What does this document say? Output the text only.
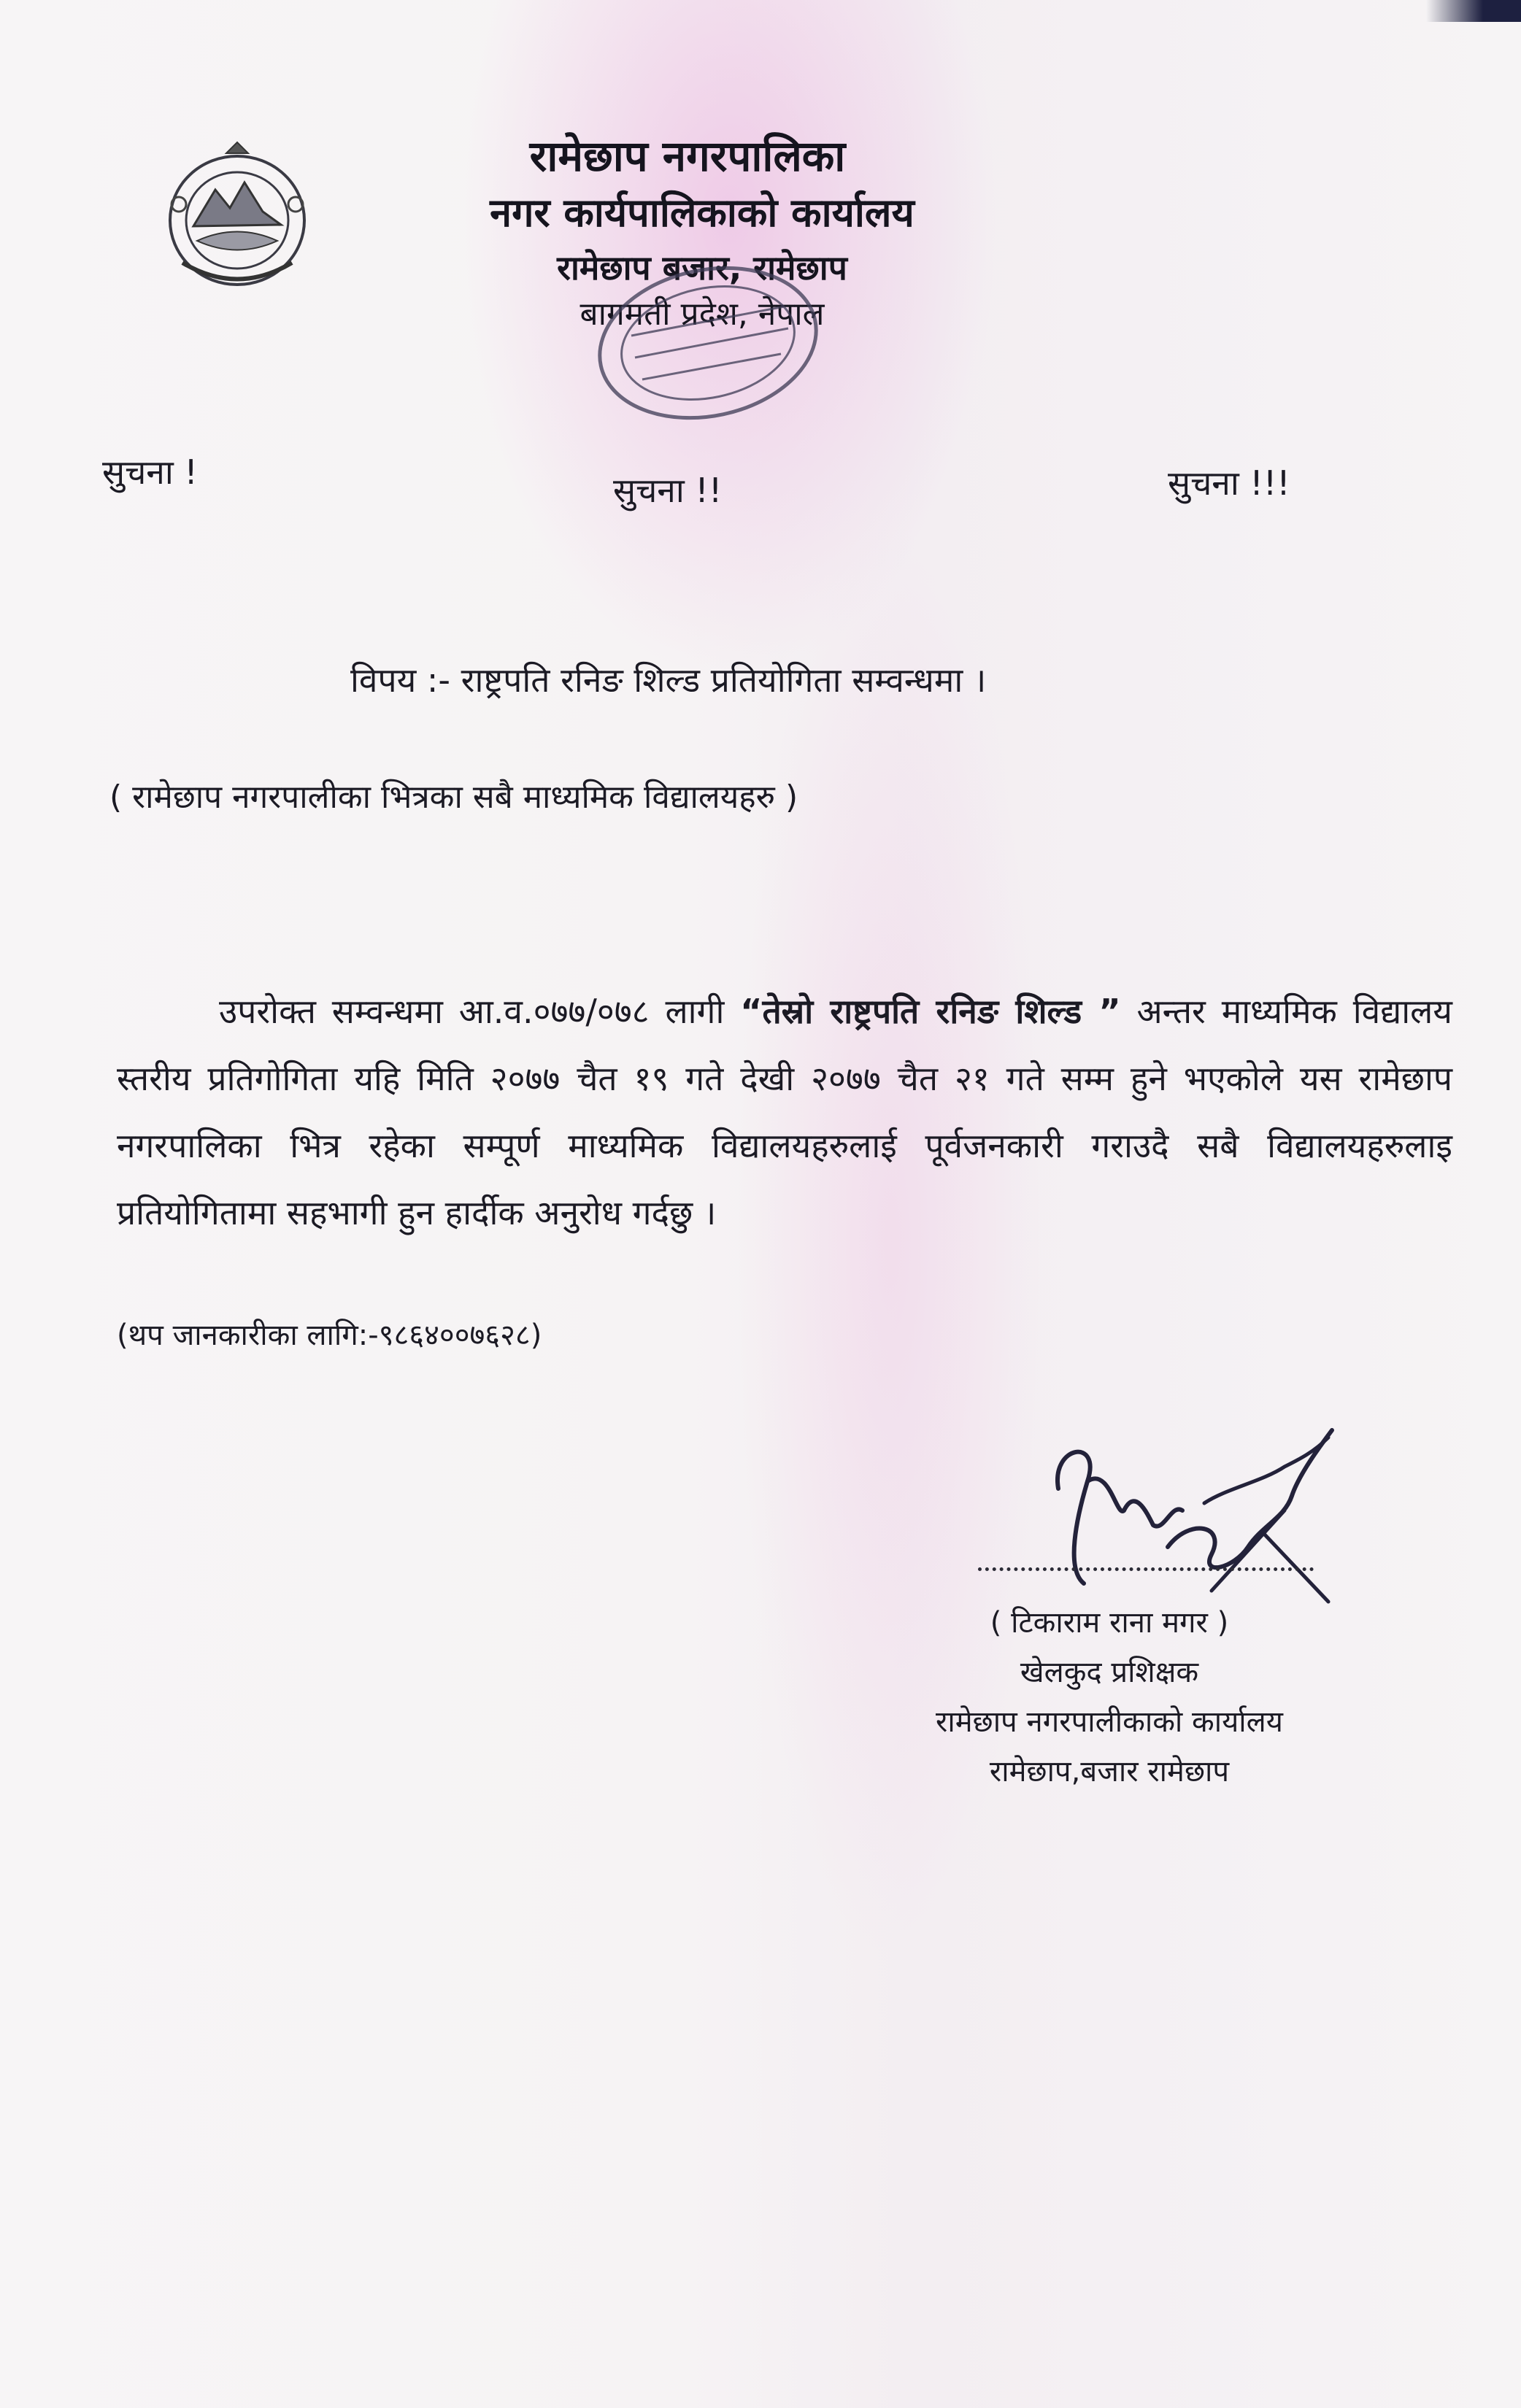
रामेछाप नगरपालिका
नगर कार्यपालिकाको कार्यालय
रामेछाप बजार, रामेछाप
बागमती प्रदेश, नेपाल
सुचना !	सुचना !!	सुचना !!!
विपय :- राष्ट्रपति रनिङ शिल्ड प्रतियोगिता सम्वन्धमा ।
( रामेछाप नगरपालीका भित्रका सबै माध्यमिक विद्यालयहरु )
उपरोक्त सम्वन्धमा आ.व.०७७/०७८ लागी “तेस्रो राष्ट्रपति रनिङ शिल्ड ” अन्तर माध्यमिक विद्यालय स्तरीय प्रतिगोगिता यहि मिति २०७७ चैत १९ गते देखी २०७७ चैत २१ गते सम्म हुने भएकोले यस रामेछाप नगरपालिका भित्र रहेका सम्पूर्ण माध्यमिक विद्यालयहरुलाई पूर्वजनकारी गराउदै सबै विद्यालयहरुलाइ प्रतियोगितामा सहभागी हुन हार्दीक अनुरोध गर्दछु ।
(थप जानकारीका लागि:-९८६४००७६२८)
( टिकाराम राना मगर )
खेलकुद प्रशिक्षक
रामेछाप नगरपालीकाको कार्यालय
रामेछाप,बजार रामेछाप
